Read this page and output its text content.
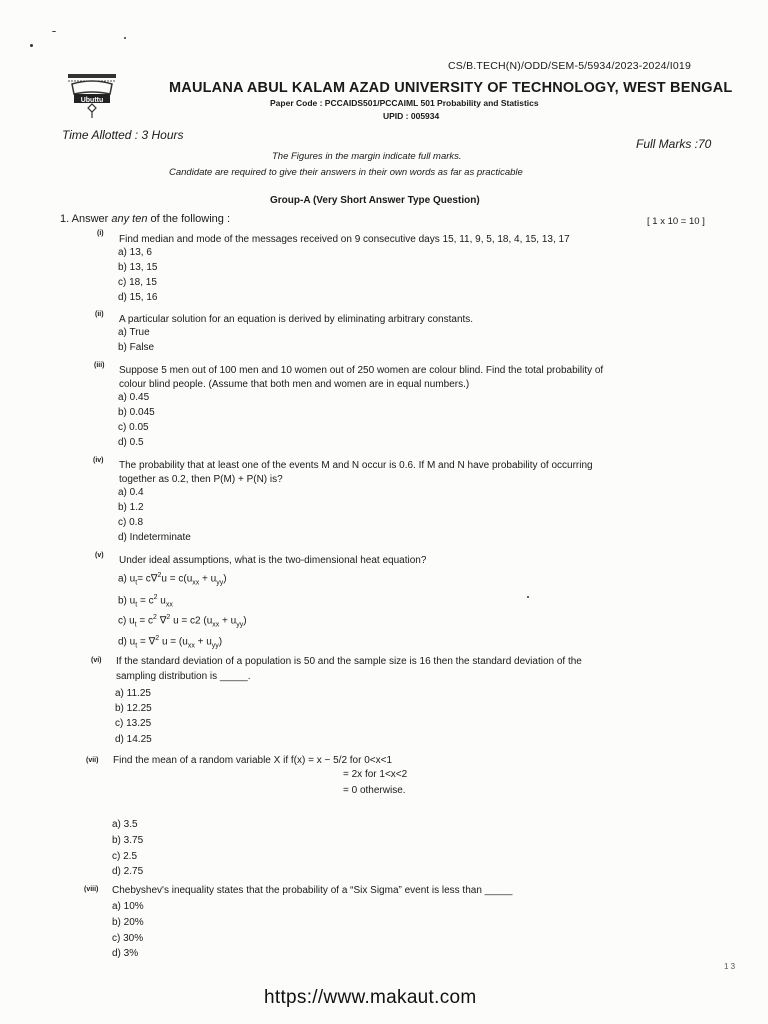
CS/B.TECH(N)/ODD/SEM-5/5934/2023-2024/I019
Ubuttu
MAULANA ABUL KALAM AZAD UNIVERSITY OF TECHNOLOGY, WEST BENGAL
Paper Code : PCCAIDS501/PCCAIML 501 Probability and Statistics
UPID : 005934
Time Allotted : 3 Hours
Full Marks :70
The Figures in the margin indicate full marks.
Candidate are required to give their answers in their own words as far as practicable
Group-A (Very Short Answer Type Question)
1. Answer any ten of the following :	[ 1 x 10 = 10 ]
(i)
Find median and mode of the messages received on 9 consecutive days 15, 11, 9, 5, 18, 4, 15, 13, 17
a) 13, 6
b) 13, 15
c) 18, 15
d) 15, 16
(ii) A particular solution for an equation is derived by eliminating arbitrary constants.
a) True
b) False
(iii) Suppose 5 men out of 100 men and 10 women out of 250 women are colour blind. Find the total probability of
colour blind people. (Assume that both men and women are in equal numbers.)
a) 0.45
b) 0.045
c) 0.05
d) 0.5
(iv) The probability that at least one of the events M and N occur is 0.6. If M and N have probability of occurring
together as 0.2, then P(M) + P(N) is?
a) 0.4
b) 1.2
c) 0.8
d) Indeterminate
(v) Under ideal assumptions, what is the two-dimensional heat equation?
a) $u_t= c\nabla^2u = c(u_{xx} + u_{yy})$
b) $u_t = c^2$ $u_{xx}$
c) $u_t = c^2$ ∇$^2$ u = c2 $(u_{xx} + u_{yy})$
d) $u_t = \nabla^2$ $u = (u_{xx} + u_{yy})$
(vi) If the standard deviation of a population is 50 and the sample size is 16 then the standard deviation of the
sampling distribution is _____.
a) 11.25
b) 12.25
c) 13.25
d) 14.25
(vii) Find the mean of a random variable X if f(x) = x − 5/2 for 0<x<1
= 2x for 1<x<2
= 0 otherwise.
a) 3.5
b) 3.75
c) 2.5
d) 2.75
(viii) Chebyshev's inequality states that the probability of a “Six Sigma” event is less than _____
a) 10%
b) 20%
c) 30%
d) 3%
1 3
https://www.makaut.com
